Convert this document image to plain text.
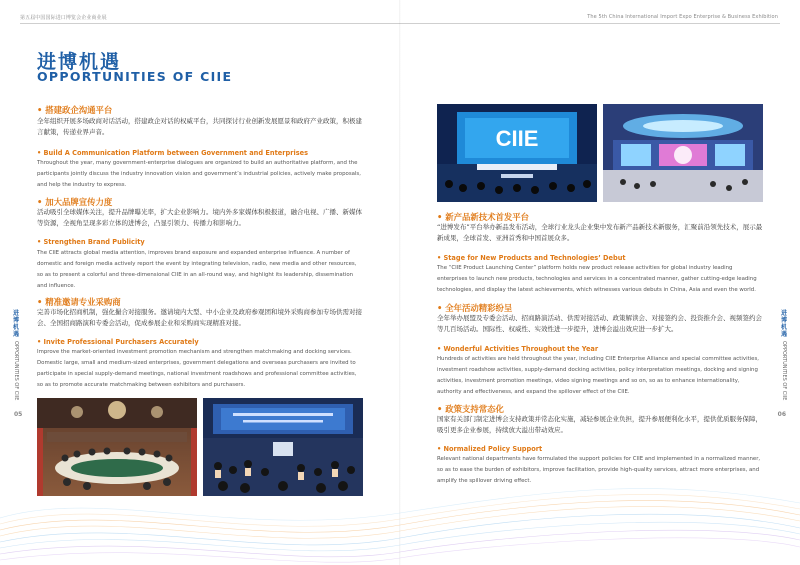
第五届中国国际进口博览会企业商业展
进博机遇
OPPORTUNITIES OF CIIE
• 搭建政企沟通平台
全年组织开展多场政商对话活动，搭建政企对话的权威平台，共同探讨行业创新发展愿景和政府产业政策，积极建言献策，传递业界声音。
• Build A Communication Platform between Government and Enterprises
Throughout the year, many government-enterprise dialogues are organized to build an authoritative platform, and the participants jointly discuss the industry innovation vision and government’s industrial policies, actively make proposals, and help the industry to express.
• 加大品牌宣传力度
活动吸引全球媒体关注，提升品牌曝光率，扩大企业影响力。境内外多家媒体积极报道，融合电视、广播、新媒体等资源，全视角呈现多彩立体的进博会，凸显引领力、传播力和影响力。
• Strengthen Brand Publicity
The CIIE attracts global media attention, improves brand exposure and expanded enterprise influence. A number of domestic and foreign media actively report the event by integrating television, radio, new media and other resources, so as to present a colorful and three-dimensional CIIE in an all-round way, and highlight its leadership, dissemination and influence.
• 精准邀请专业采购商
完善市场化招商机制，强化撮合对接服务。邀请境内大型、中小企业及政府参观团和境外采购商参加专场供需对接会、全国招商路演和专委会活动，促成参展企业和采购商实现精准对接。
• Invite Professional Purchasers Accurately
Improve the market-oriented investment promotion mechanism and strengthen matchmaking and docking services. Domestic large, small and medium-sized enterprises, government delegations and overseas purchasers are invited to participate in special supply-demand meetings, national investment roadshows and professional committee activities, so as to promote accurate matchmaking between exhibitors and purchasers.
进博机遇
OPPORTUNITIES OF CIIE
05
The 5th China International Import Expo Enterprise & Business Exhibition
CIIE
• 新产品新技术首发平台
“进博发布”平台举办新品发布活动，全球行业龙头企业集中发布新产品新技术新服务，汇聚前沿领先技术，展示最新成果，全球首发、亚洲首秀和中国首展众多。
• Stage for New Products and Technologies’ Debut
The “CIIE Product Launching Center” platform holds new product release activities for global industry leading enterprises to launch new products, technologies and services in a concentrated manner, gather cutting-edge leading technologies, and display the latest achievements, which witnesses various debuts in China, Asia and even the world.
• 全年活动精彩纷呈
全年举办展盟及专委会活动、招商路演活动、供需对接活动、政策解读会、对接签约会、投资推介会、视频签约会等几百场活动。国际性、权威性、实效性进一步提升，进博会溢出效应进一步扩大。
• Wonderful Activities Throughout the Year
Hundreds of activities are held throughout the year, including CIIE Enterprise Alliance and special committee activities, investment roadshow activities, supply-demand docking activities, policy interpretation meetings, docking and signing activities, investment promotion meetings, video signing meetings and so on, so as to enhance internationality, authority and effectiveness, and expand the spillover effect of the CIIE.
• 政策支持常态化
国家有关部门制定进博会支持政策并常态化实施，减轻参展企业负担，提升参展便利化水平，提供优质服务保障，吸引更多企业参展，持续放大溢出带动效应。
• Normalized Policy Support
Relevant national departments have formulated the support policies for CIIE and implemented in a normalized manner, so as to ease the burden of exhibitors, improve facilitation, provide high-quality services, attract more enterprises, and amplify the spillover driving effect.
进博机遇
OPPORTUNITIES OF CIIE
06
